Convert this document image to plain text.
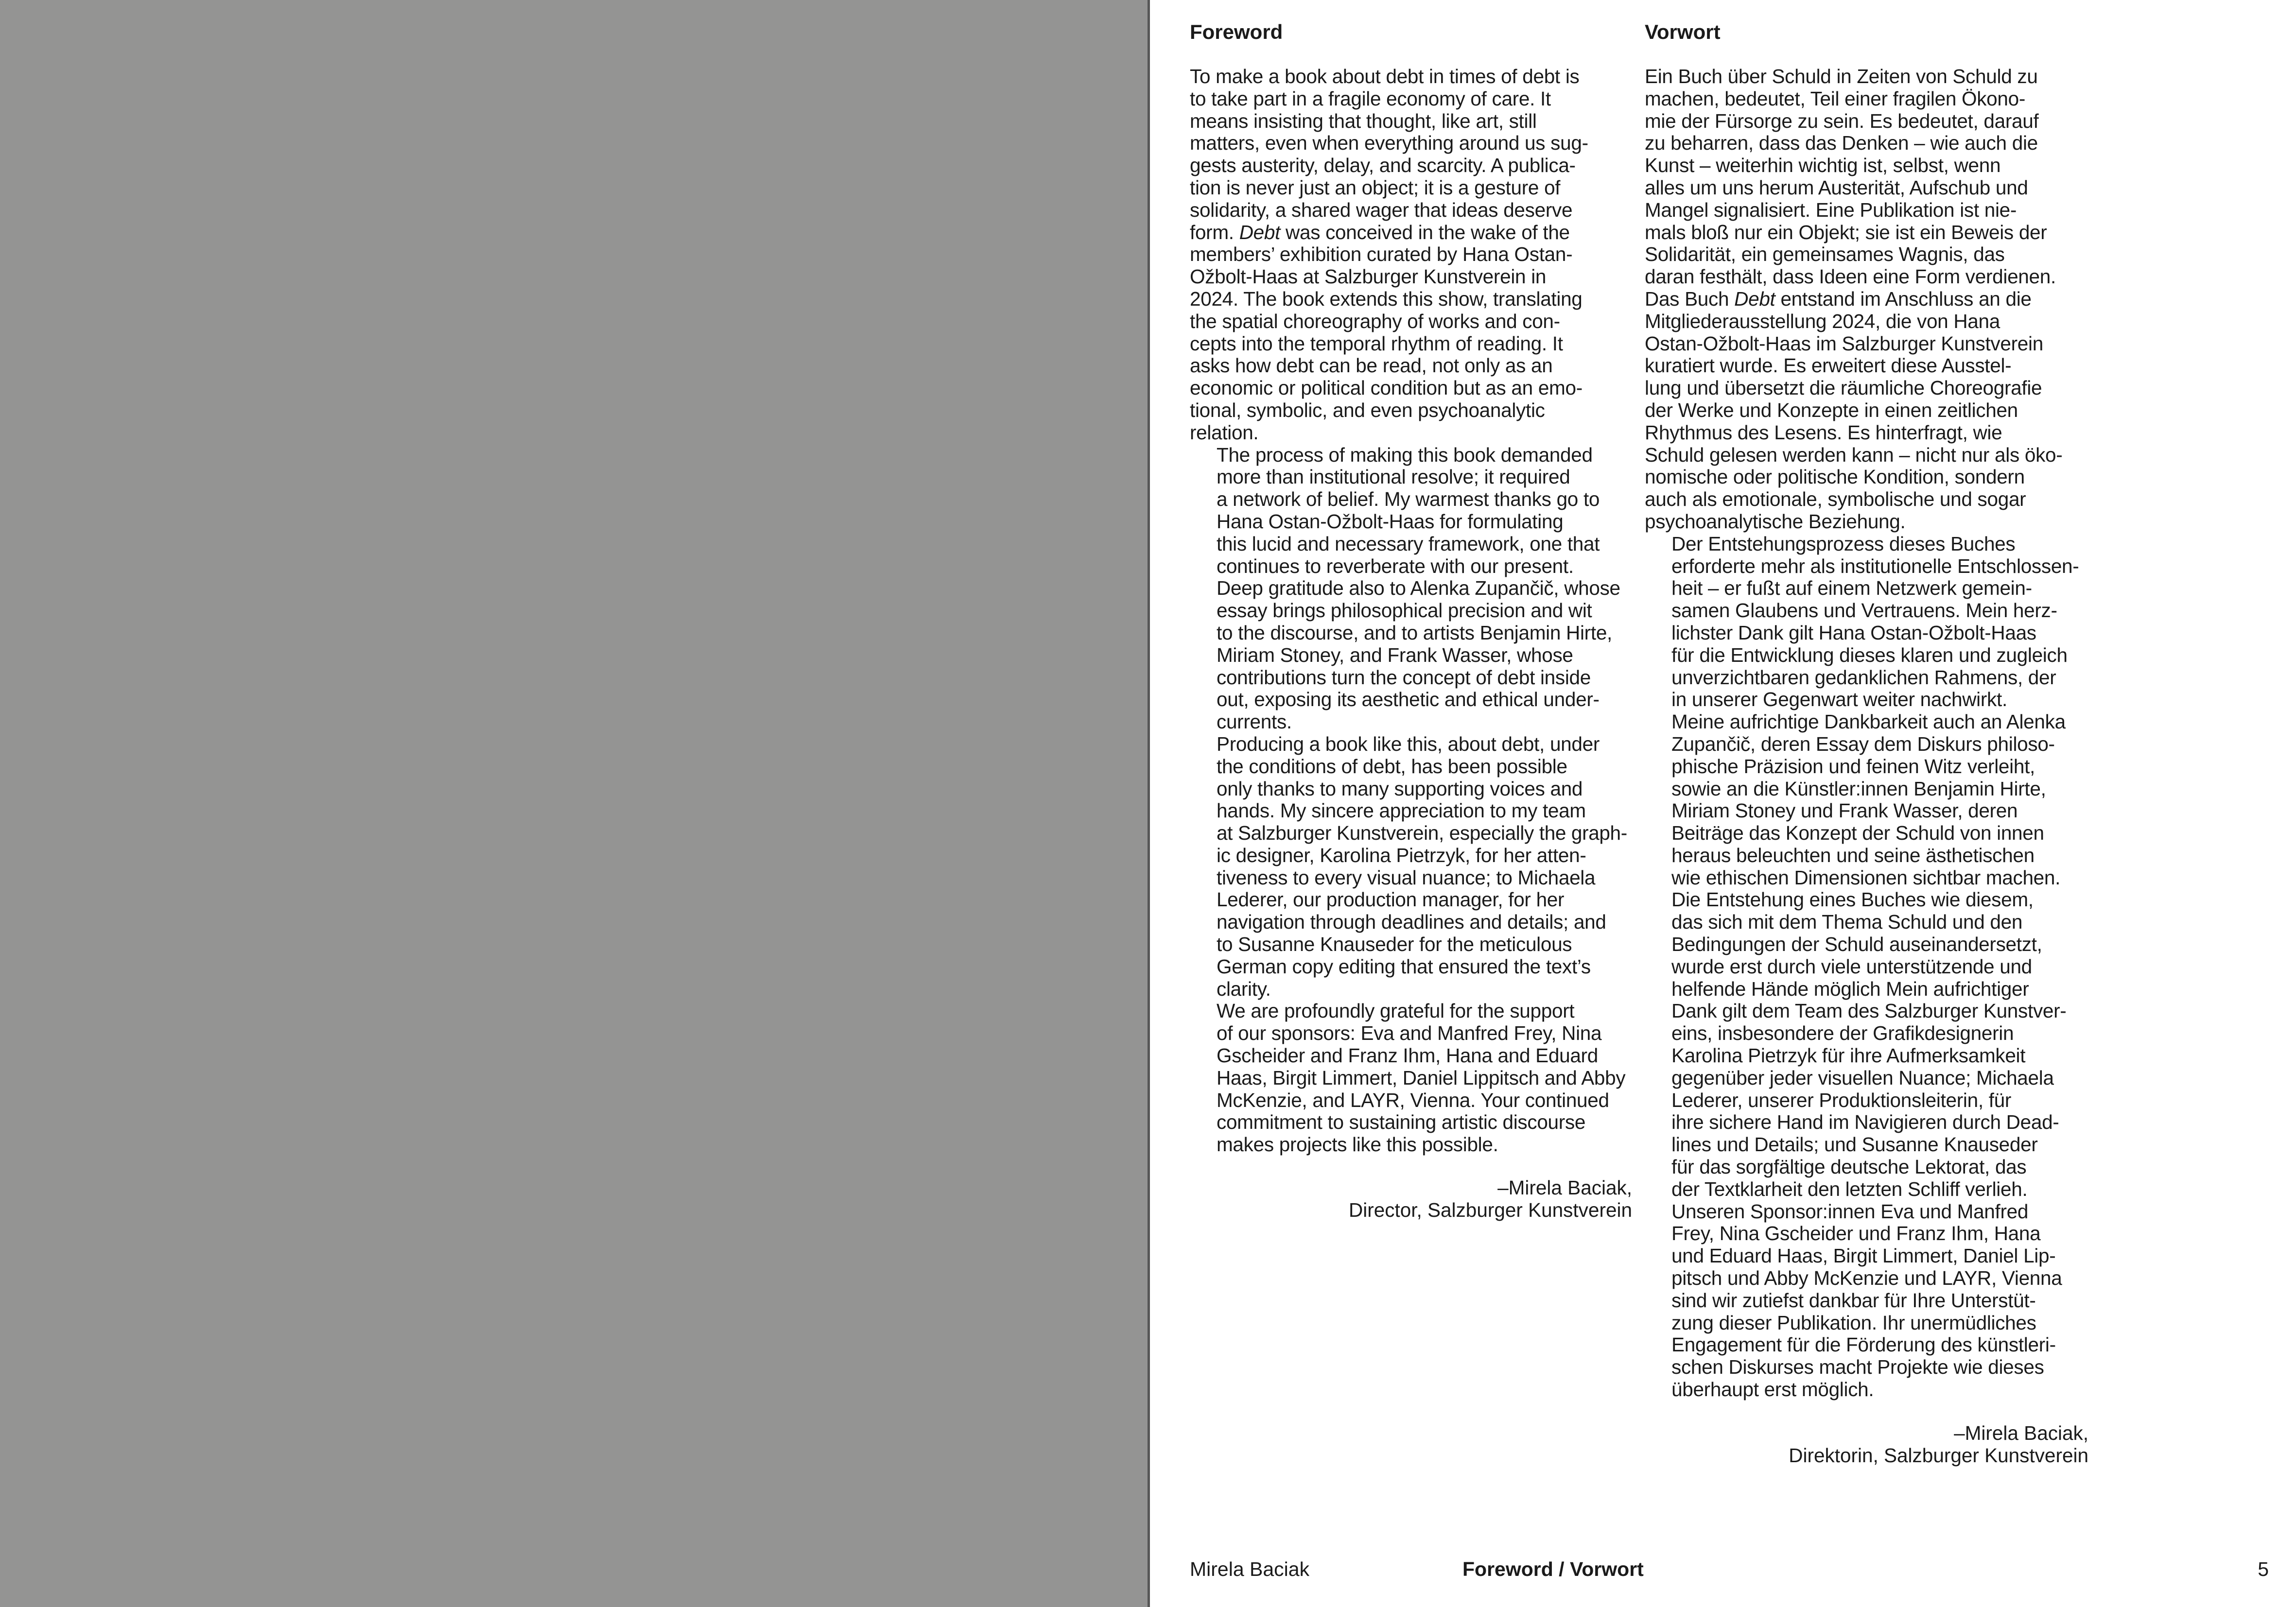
Foreword	Vorwort
To make a book about debt in times of debt is
to take part in a fragile economy of care. It
means insisting that thought, like art, still
matters, even when everything around us sug-
gests austerity, delay, and scarcity. A publica-
tion is never just an object; it is a gesture of
solidarity, a shared wager that ideas deserve
form. Debt was conceived in the wake of the
members’ exhibition curated by Hana Ostan-
Ožbolt-Haas at Salzburger Kunstverein in
2024. The book extends this show, translating
the spatial choreography of works and con-
cepts into the temporal rhythm of reading. It
asks how debt can be read, not only as an
economic or political condition but as an emo-
tional, symbolic, and even psychoanalytic
relation.
The process of making this book demanded
more than institutional resolve; it required
a network of belief. My warmest thanks go to
Hana Ostan-Ožbolt-Haas for formulating
this lucid and necessary framework, one that
continues to reverberate with our present.
Deep gratitude also to Alenka Zupančič, whose
essay brings philosophical precision and wit
to the discourse, and to artists Benjamin Hirte,
Miriam Stoney, and Frank Wasser, whose
contributions turn the concept of debt inside
out, exposing its aesthetic and ethical under-
currents.
Producing a book like this, about debt, under
the conditions of debt, has been possible
only thanks to many supporting voices and
hands. My sincere appreciation to my team
at Salzburger Kunstverein, especially the graph-
ic designer, Karolina Pietrzyk, for her atten-
tiveness to every visual nuance; to Michaela
Lederer, our production manager, for her
navigation through deadlines and details; and
to Susanne Knauseder for the meticulous
German copy editing that ensured the text’s
clarity.
We are profoundly grateful for the support
of our sponsors: Eva and Manfred Frey, Nina
Gscheider and Franz Ihm, Hana and Eduard
Haas, Birgit Limmert, Daniel Lippitsch and Abby
McKenzie, and LAYR, Vienna. Your continued
commitment to sustaining artistic discourse
makes projects like this possible.
Ein Buch über Schuld in Zeiten von Schuld zu
machen, bedeutet, Teil einer fragilen Ökono-
mie der Fürsorge zu sein. Es bedeutet, darauf
zu beharren, dass das Denken – wie auch die
Kunst – weiterhin wichtig ist, selbst, wenn
alles um uns herum Austerität, Aufschub und
Mangel signalisiert. Eine Publikation ist nie-
mals bloß nur ein Objekt; sie ist ein Beweis der
Solidarität, ein gemeinsames Wagnis, das
daran festhält, dass Ideen eine Form verdienen.
Das Buch Debt entstand im Anschluss an die
Mitgliederausstellung 2024, die von Hana
Ostan-Ožbolt-Haas im Salzburger Kunstverein
kuratiert wurde. Es erweitert diese Ausstel-
lung und übersetzt die räumliche Choreografie
der Werke und Konzepte in einen zeitlichen
Rhythmus des Lesens. Es hinterfragt, wie
Schuld gelesen werden kann – nicht nur als öko-
nomische oder politische Kondition, sondern
auch als emotionale, symbolische und sogar
psychoanalytische Beziehung.
Der Entstehungsprozess dieses Buches
erforderte mehr als institutionelle Entschlossen-
heit – er fußt auf einem Netzwerk gemein-
samen Glaubens und Vertrauens. Mein herz-
lichster Dank gilt Hana Ostan-Ožbolt-Haas
für die Entwicklung dieses klaren und zugleich
unverzichtbaren gedanklichen Rahmens, der
in unserer Gegenwart weiter nachwirkt.
Meine aufrichtige Dankbarkeit auch an Alenka
Zupančič, deren Essay dem Diskurs philoso-
phische Präzision und feinen Witz verleiht,
sowie an die Künstler:innen Benjamin Hirte,
Miriam Stoney und Frank Wasser, deren
Beiträge das Konzept der Schuld von innen
heraus beleuchten und seine ästhetischen
wie ethischen Dimensionen sichtbar machen.
Die Entstehung eines Buches wie diesem,
das sich mit dem Thema Schuld und den
Bedingungen der Schuld auseinandersetzt,
wurde erst durch viele unterstützende und
helfende Hände möglich Mein aufrichtiger
Dank gilt dem Team des Salzburger Kunstver-
eins, insbesondere der Grafikdesignerin
Karolina Pietrzyk für ihre Aufmerksamkeit
gegenüber jeder visuellen Nuance; Michaela
Lederer, unserer Produktionsleiterin, für
ihre sichere Hand im Navigieren durch Dead-
lines und Details; und Susanne Knauseder
für das sorgfältige deutsche Lektorat, das
der Textklarheit den letzten Schliff verlieh.
Unseren Sponsor:innen Eva und Manfred
Frey, Nina Gscheider und Franz Ihm, Hana
und Eduard Haas, Birgit Limmert, Daniel Lip-
pitsch und Abby McKenzie und LAYR, Vienna
sind wir zutiefst dankbar für Ihre Unterstüt-
zung dieser Publikation. Ihr unermüdliches
Engagement für die Förderung des künstleri-
schen Diskurses macht Projekte wie dieses
überhaupt erst möglich.
–Mirela Baciak,
Director, Salzburger Kunstverein
–Mirela Baciak,
Direktorin, Salzburger Kunstverein
Mirela Baciak	Foreword / Vorwort	5
